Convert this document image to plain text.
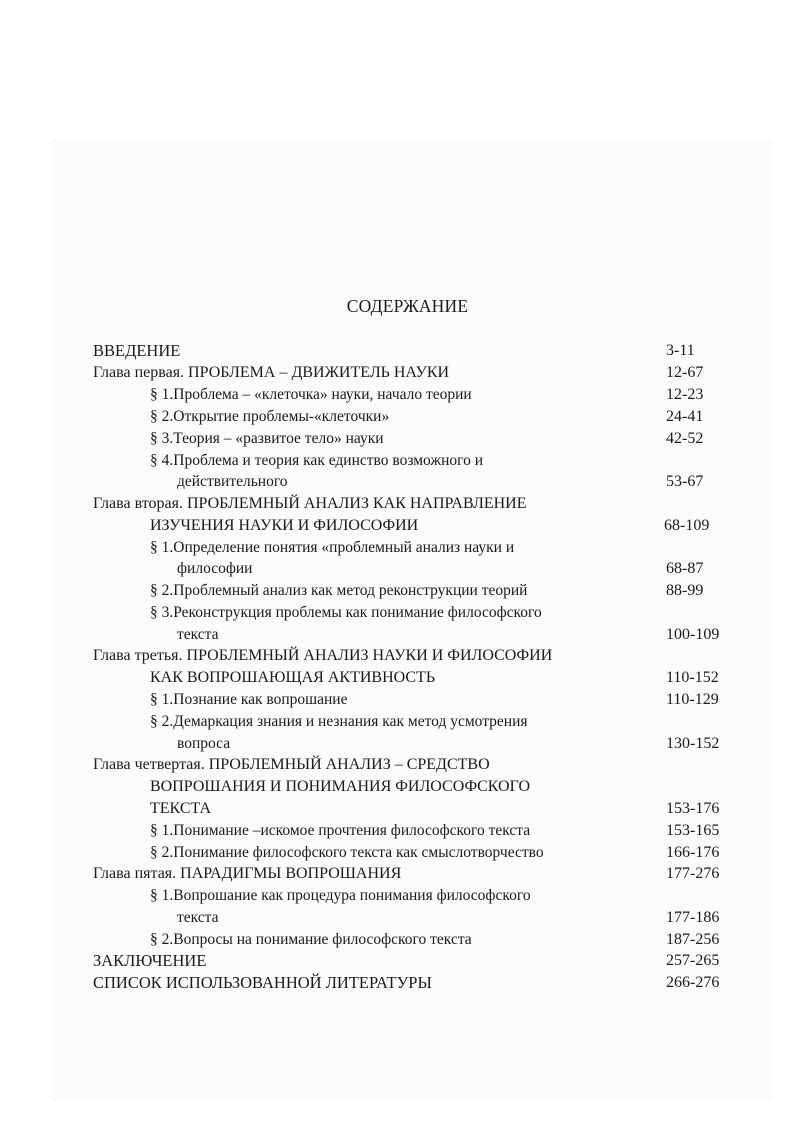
СОДЕРЖАНИЕ
ВВЕДЕНИЕ	3-11
Глава первая. ПРОБЛЕМА – ДВИЖИТЕЛЬ НАУКИ	12-67
§ 1.Проблема – «клеточка» науки, начало теории	12-23
§ 2.Открытие проблемы-«клеточки»	24-41
§ 3.Теория – «развитое тело» науки	42-52
§ 4.Проблема и теория как единство возможного и
действительного	53-67
Глава вторая. ПРОБЛЕМНЫЙ АНАЛИЗ КАК НАПРАВЛЕНИЕ
ИЗУЧЕНИЯ НАУКИ И ФИЛОСОФИИ	68-109
§ 1.Определение понятия «проблемный анализ науки и
философии	68-87
§ 2.Проблемный анализ как метод реконструкции теорий	88-99
§ 3.Реконструкция проблемы как понимание философского
текста	100-109
Глава третья. ПРОБЛЕМНЫЙ АНАЛИЗ НАУКИ И ФИЛОСОФИИ
КАК ВОПРОШАЮЩАЯ АКТИВНОСТЬ	110-152
§ 1.Познание как вопрошание	110-129
§ 2.Демаркация знания и незнания как метод усмотрения
вопроса	130-152
Глава четвертая. ПРОБЛЕМНЫЙ АНАЛИЗ – СРЕДСТВО
ВОПРОШАНИЯ И ПОНИМАНИЯ ФИЛОСОФСКОГО
ТЕКСТА	153-176
§ 1.Понимание –искомое прочтения философского текста	153-165
§ 2.Понимание философского текста как смыслотворчество	166-176
Глава пятая. ПАРАДИГМЫ ВОПРОШАНИЯ	177-276
§ 1.Вопрошание как процедура понимания философского
текста	177-186
§ 2.Вопросы на понимание философского текста	187-256
ЗАКЛЮЧЕНИЕ	257-265
СПИСОК ИСПОЛЬЗОВАННОЙ ЛИТЕРАТУРЫ	266-276
